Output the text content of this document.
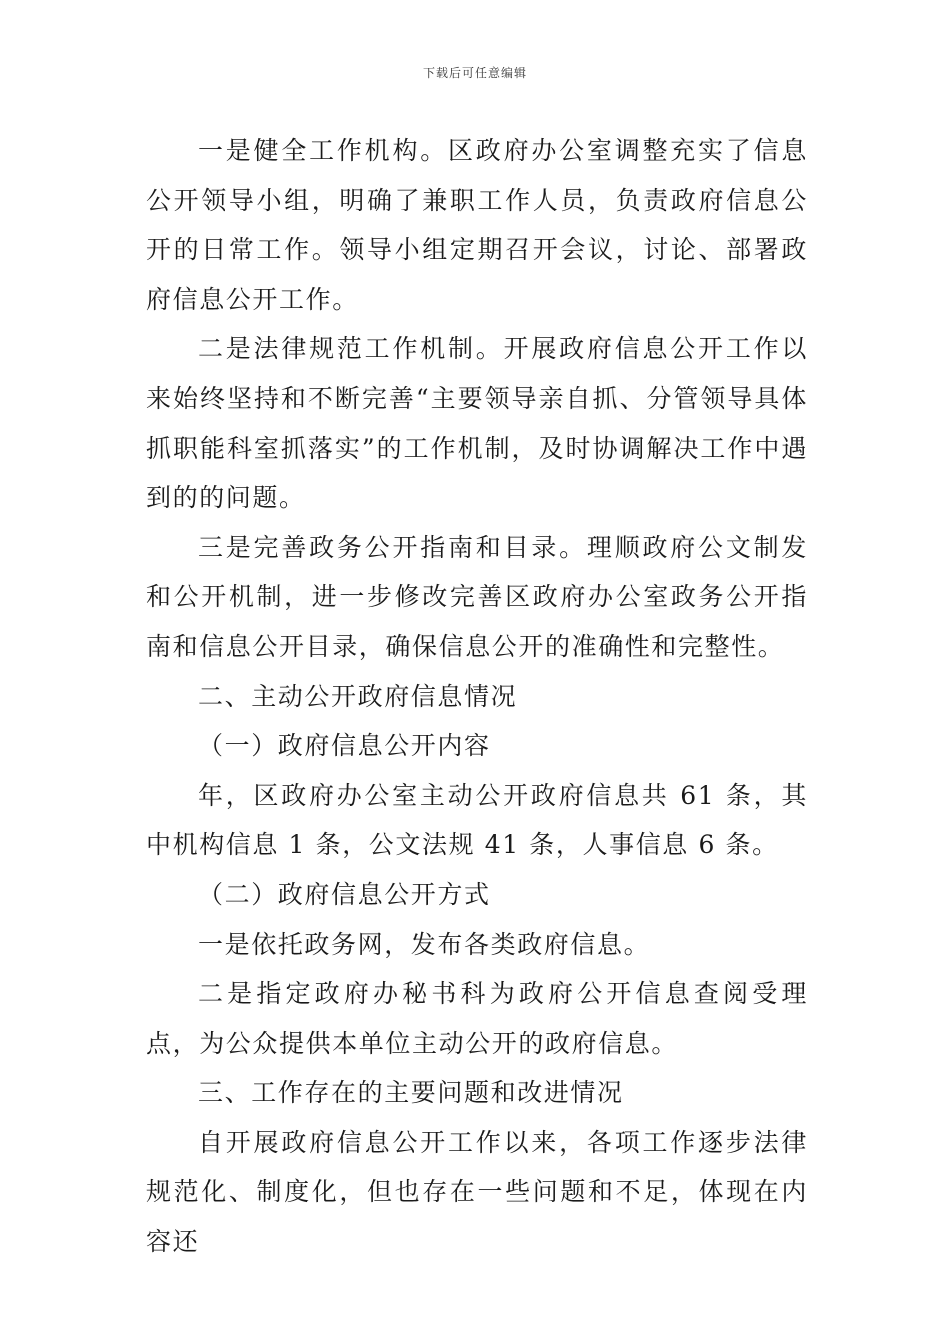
下载后可任意编辑

一是健全工作机构。区政府办公室调整充实了信息公开领导小组，明确了兼职工作人员，负责政府信息公开的日常工作。领导小组定期召开会议，讨论、部署政府信息公开工作。

二是法律规范工作机制。开展政府信息公开工作以来始终坚持和不断完善“主要领导亲自抓、分管领导具体抓职能科室抓落实”的工作机制，及时协调解决工作中遇到的的问题。

三是完善政务公开指南和目录。理顺政府公文制发和公开机制，进一步修改完善区政府办公室政务公开指南和信息公开目录，确保信息公开的准确性和完整性。

二、主动公开政府信息情况

（一）政府信息公开内容

年，区政府办公室主动公开政府信息共 61 条，其中机构信息 1 条，公文法规 41 条，人事信息 6 条。

（二）政府信息公开方式

一是依托政务网，发布各类政府信息。

二是指定政府办秘书科为政府公开信息查阅受理点，为公众提供本单位主动公开的政府信息。

三、工作存在的主要问题和改进情况

自开展政府信息公开工作以来，各项工作逐步法律规范化、制度化，但也存在一些问题和不足，体现在内容还
